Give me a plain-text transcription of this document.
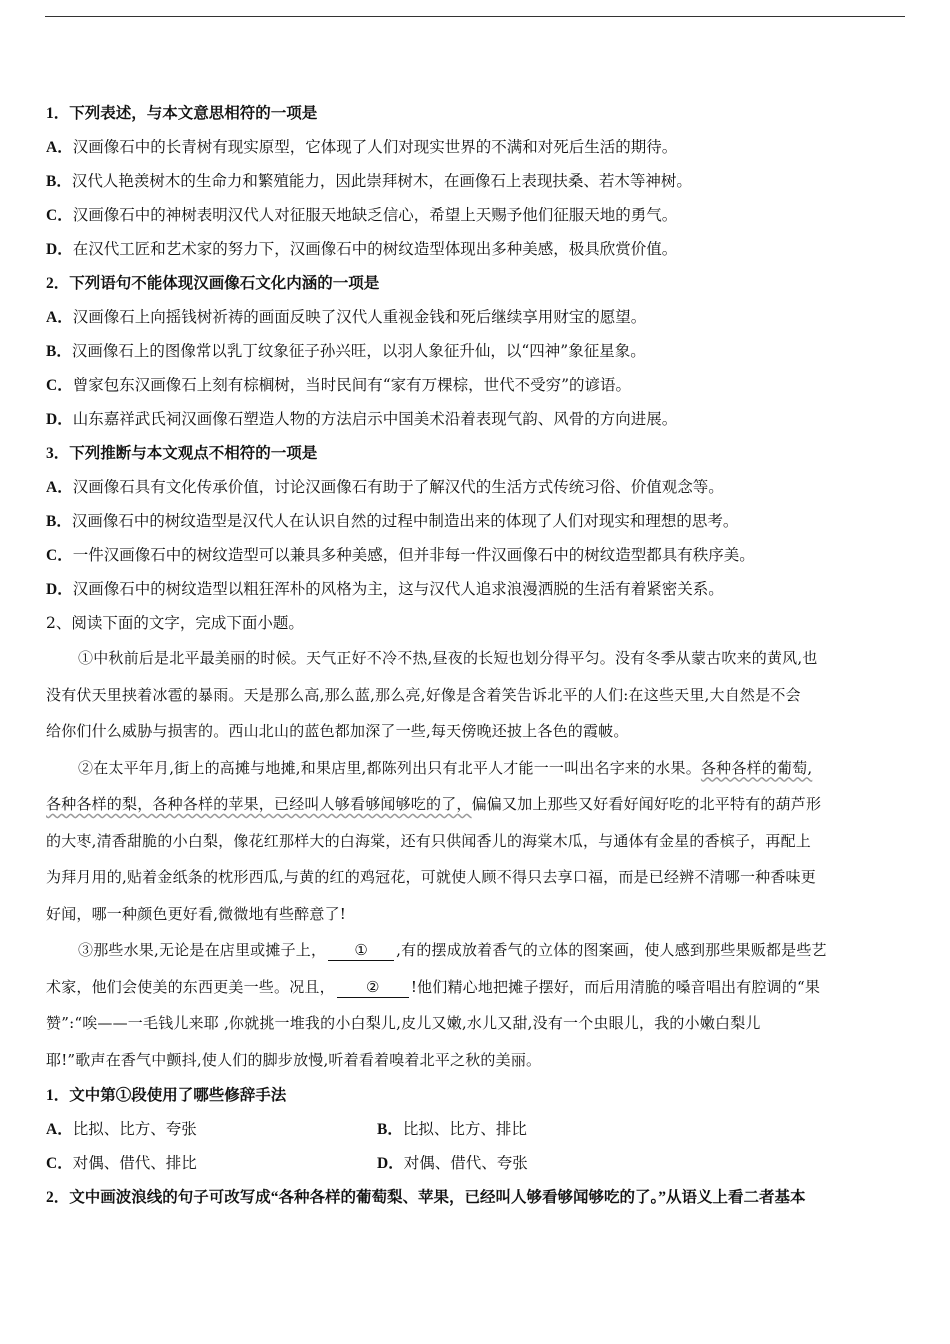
1．下列表述，与本文意思相符的一项是
A．汉画像石中的长青树有现实原型，它体现了人们对现实世界的不满和对死后生活的期待。
B．汉代人艳羡树木的生命力和繁殖能力，因此崇拜树木，在画像石上表现扶桑、若木等神树。
C．汉画像石中的神树表明汉代人对征服天地缺乏信心，希望上天赐予他们征服天地的勇气。
D．在汉代工匠和艺术家的努力下，汉画像石中的树纹造型体现出多种美感，极具欣赏价值。
2．下列语句不能体现汉画像石文化内涵的一项是
A．汉画像石上向摇钱树祈祷的画面反映了汉代人重视金钱和死后继续享用财宝的愿望。
B．汉画像石上的图像常以乳丁纹象征子孙兴旺，以羽人象征升仙，以“四神”象征星象。
C．曾家包东汉画像石上刻有棕榈树，当时民间有“家有万棵棕，世代不受穷”的谚语。
D．山东嘉祥武氏祠汉画像石塑造人物的方法启示中国美术沿着表现气韵、风骨的方向进展。
3．下列推断与本文观点不相符的一项是
A．汉画像石具有文化传承价值，讨论汉画像石有助于了解汉代的生活方式传统习俗、价值观念等。
B．汉画像石中的树纹造型是汉代人在认识自然的过程中制造出来的体现了人们对现实和理想的思考。
C．一件汉画像石中的树纹造型可以兼具多种美感，但并非每一件汉画像石中的树纹造型都具有秩序美。
D．汉画像石中的树纹造型以粗狂浑朴的风格为主，这与汉代人追求浪漫洒脱的生活有着紧密关系。
2、阅读下面的文字，完成下面小题。
①中秋前后是北平最美丽的时候。天气正好不冷不热,昼夜的长短也划分得平匀。没有冬季从蒙古吹来的黄风,也
没有伏天里挟着冰雹的暴雨。天是那么高,那么蓝,那么亮,好像是含着笑告诉北平的人们:在这些天里,大自然是不会
给你们什么威胁与损害的。西山北山的蓝色都加深了一些,每天傍晚还披上各色的霞帔。
②在太平年月,街上的高摊与地摊,和果店里,都陈列出只有北平人才能一一叫出名字来的水果。各种各样的葡萄,
各种各样的梨，各种各样的苹果，已经叫人够看够闻够吃的了，偏偏又加上那些又好看好闻好吃的北平特有的葫芦形
的大枣,清香甜脆的小白梨，像花红那样大的白海棠，还有只供闻香儿的海棠木瓜，与通体有金星的香槟子，再配上
为拜月用的,贴着金纸条的枕形西瓜,与黄的红的鸡冠花，可就使人顾不得只去享口福，而是已经辨不清哪一种香味更
好闻，哪一种颜色更好看,微微地有些醉意了!
③那些水果,无论是在店里或摊子上， ① ,有的摆成放着香气的立体的图案画，使人感到那些果贩都是些艺
术家，他们会使美的东西更美一些。况且， ② !他们精心地把摊子摆好，而后用清脆的嗓音唱出有腔调的“果
赞”:“唉——一毛钱儿来耶 ,你就挑一堆我的小白梨儿,皮儿又嫩,水儿又甜,没有一个虫眼儿，我的小嫩白梨儿
耶!”歌声在香气中颤抖,使人们的脚步放慢,听着看着嗅着北平之秋的美丽。
1．文中第①段使用了哪些修辞手法
A．比拟、比方、夸张	B．比拟、比方、排比
C．对偶、借代、排比	D．对偶、借代、夸张
2．文中画波浪线的句子可改写成“各种各样的葡萄梨、苹果，已经叫人够看够闻够吃的了。”从语义上看二者基本
